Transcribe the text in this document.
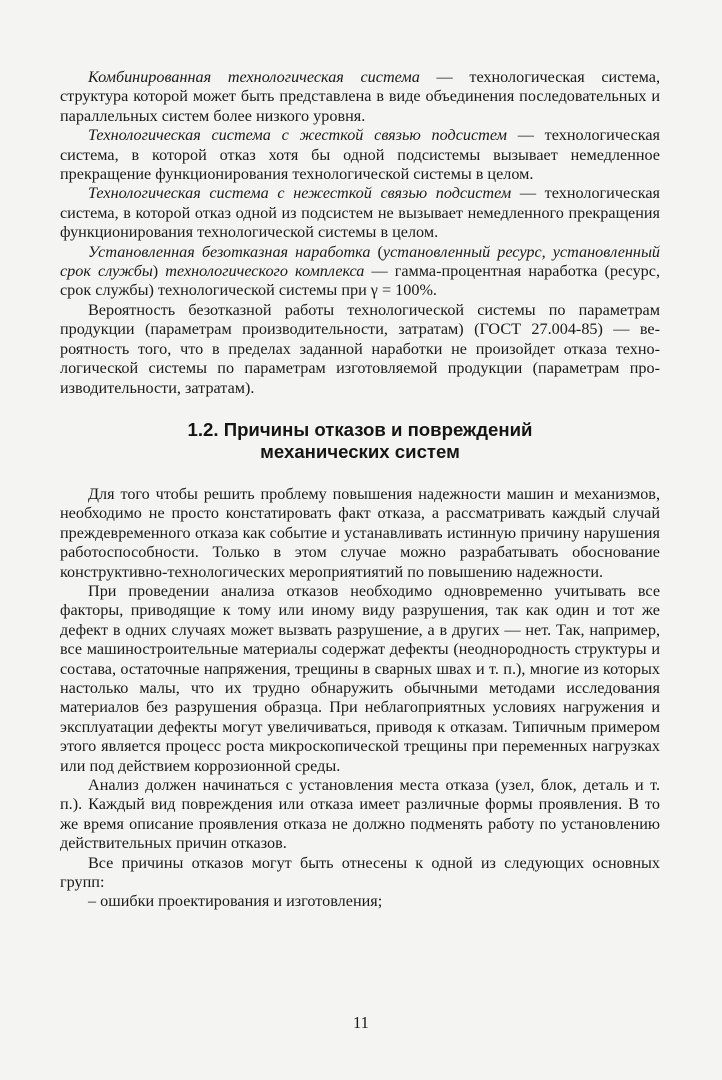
Комбинированная технологическая система — технологическая система, структура которой может быть представлена в виде объединения последовательных и параллельных систем более низкого уровня.

Технологическая система с жесткой связью подсистем — технологическая система, в которой отказ хотя бы одной подсистемы вызывает немедленное прекращение функционирования технологической системы в целом.

Технологическая система с нежесткой связью подсистем — технологическая система, в которой отказ одной из подсистем не вызывает немедленного прекращения функционирования технологической системы в целом.

Установленная безотказная наработка (установленный ресурс, установленный срок службы) технологического комплекса — гамма-процентная наработка (ресурс, срок службы) технологической системы при γ = 100%.

Вероятность безотказной работы технологической системы по параметрам продукции (параметрам производительности, затратам) (ГОСТ 27.004-85) — вероятность того, что в пределах заданной наработки не произойдет отказа технологической системы по параметрам изготовляемой продукции (параметрам производительности, затратам).

1.2. Причины отказов и повреждений
механических систем

Для того чтобы решить проблему повышения надежности машин и механизмов, необходимо не просто констатировать факт отказа, а рассматривать каждый случай преждевременного отказа как событие и устанавливать истинную причину нарушения работоспособности. Только в этом случае можно разрабатывать обоснование конструктивно-технологических мероприятиятий по повышению надежности.

При проведении анализа отказов необходимо одновременно учитывать все факторы, приводящие к тому или иному виду разрушения, так как один и тот же дефект в одних случаях может вызвать разрушение, а в других — нет. Так, например, все машиностроительные материалы содержат дефекты (неоднородность структуры и состава, остаточные напряжения, трещины в сварных швах и т. п.), многие из которых настолько малы, что их трудно обнаружить обычными методами исследования материалов без разрушения образца. При неблагоприятных условиях нагружения и эксплуатации дефекты могут увеличиваться, приводя к отказам. Типичным примером этого является процесс роста микроскопической трещины при переменных нагрузках или под действием коррозионной среды.

Анализ должен начинаться с установления места отказа (узел, блок, деталь и т. п.). Каждый вид повреждения или отказа имеет различные формы проявления. В то же время описание проявления отказа не должно подменять работу по установлению действительных причин отказов.

Все причины отказов могут быть отнесены к одной из следующих основных групп:

– ошибки проектирования и изготовления;

11
